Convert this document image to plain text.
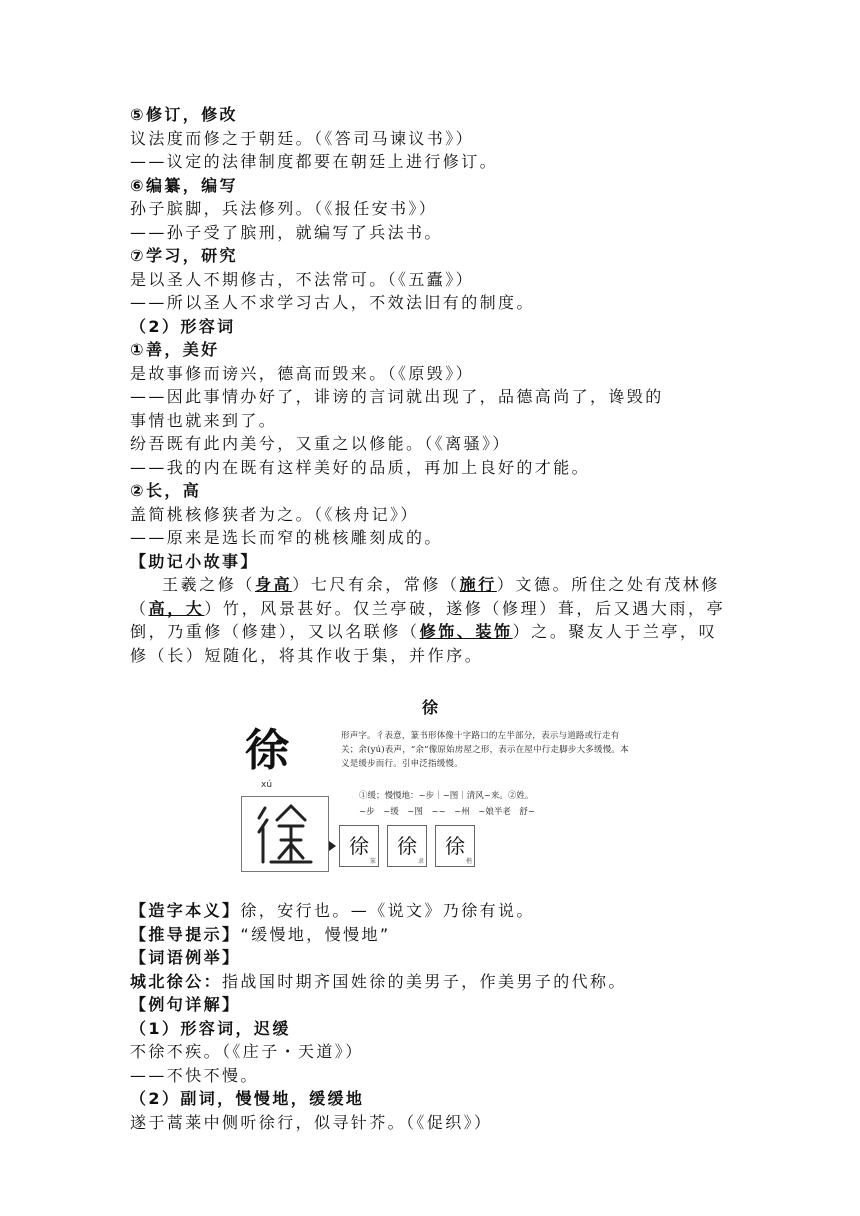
⑤修订，修改
议法度而修之于朝廷。（《答司马谏议书》）
——议定的法律制度都要在朝廷上进行修订。
⑥编纂，编写
孙子膑脚，兵法修列。（《报任安书》）
——孙子受了膑刑，就编写了兵法书。
⑦学习，研究
是以圣人不期修古，不法常可。（《五蠹》）
——所以圣人不求学习古人，不效法旧有的制度。
（2）形容词
①善，美好
是故事修而谤兴，德高而毁来。（《原毁》）
——因此事情办好了，诽谤的言词就出现了，品德高尚了，谗毁的
事情也就来到了。
纷吾既有此内美兮，又重之以修能。（《离骚》）
——我的内在既有这样美好的品质，再加上良好的才能。
②长，高
盖简桃核修狭者为之。（《核舟记》）
——原来是选长而窄的桃核雕刻成的。
【助记小故事】
王羲之修（身高）七尺有余，常修（施行）文德。所住之处有茂林修（高，大）竹，风景甚好。仅兰亭破，遂修（修理）葺，后又遇大雨，亭倒，乃重修（修建），又以名联修（修饰、装饰）之。聚友人于兰亭，叹修（长）短随化，将其作收于集，并作序。
徐
徐
xú
徐
篆
徐
隶
徐
楷
形声字。彳表意，篆书形体像十字路口的左半部分，表示与道路或行走有关；余(yú)表声，“余”像原始房屋之形，表示在屋中行走脚步大多缓慢。本义是缓步而行。引申泛指缓慢。
①缓；慢慢地：~步｜~图｜清风~来。②姓。
~步　~缓　~图　~~　~州　~娘半老　舒~
【造字本义】徐，安行也。—《说文》乃徐有说。
【推导提示】“缓慢地，慢慢地”
【词语例举】
城北徐公：指战国时期齐国姓徐的美男子，作美男子的代称。
【例句详解】
（1）形容词，迟缓
不徐不疾。（《庄子・天道》）
——不快不慢。
（2）副词，慢慢地，缓缓地
遂于蒿莱中侧听徐行，似寻针芥。（《促织》）
